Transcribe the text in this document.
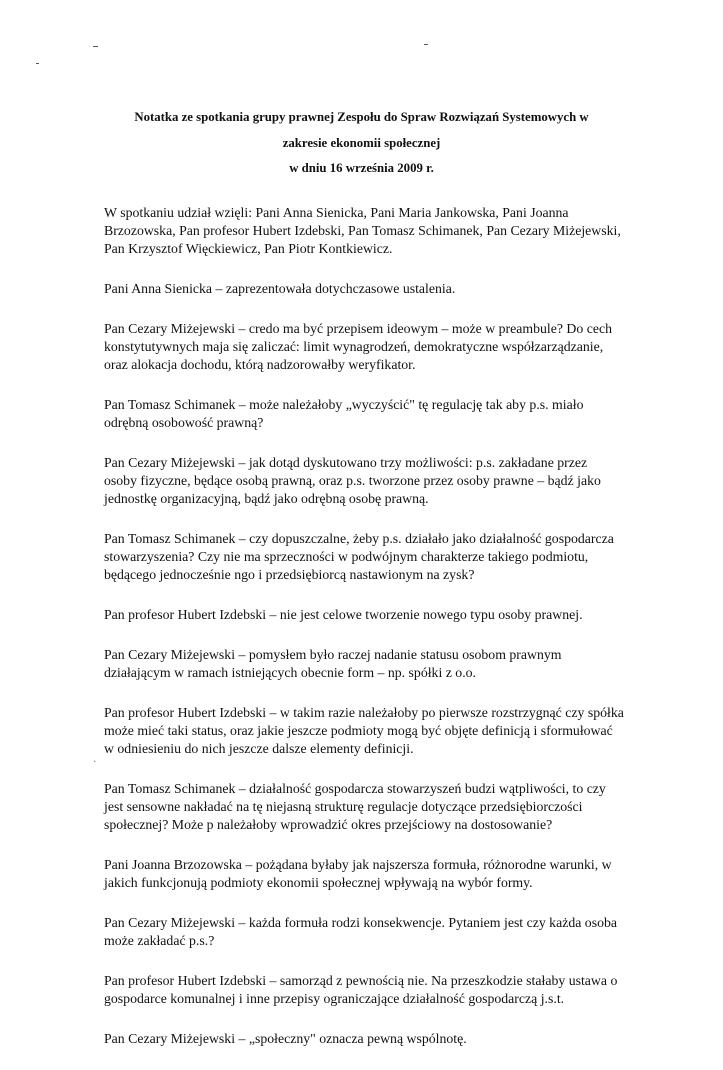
·
Notatka ze spotkania grupy prawnej Zespołu do Spraw Rozwiązań Systemowych w
zakresie ekonomii społecznej
w dniu 16 września 2009 r.

W spotkaniu udział wzięli: Pani Anna Sienicka, Pani Maria Jankowska, Pani Joanna
Brzozowska, Pan profesor Hubert Izdebski, Pan Tomasz Schimanek, Pan Cezary Miżejewski,
Pan Krzysztof Więckiewicz, Pan Piotr Kontkiewicz.

Pani Anna Sienicka – zaprezentowała dotychczasowe ustalenia.

Pan Cezary Miżejewski – credo ma być przepisem ideowym – może w preambule? Do cech
konstytutywnych maja się zaliczać: limit wynagrodzeń, demokratyczne współzarządzanie,
oraz alokacja dochodu, którą nadzorowałby weryfikator.

Pan Tomasz Schimanek – może należałoby „wyczyścić" tę regulację tak aby p.s. miało
odrębną osobowość prawną?

Pan Cezary Miżejewski – jak dotąd dyskutowano trzy możliwości: p.s. zakładane przez
osoby fizyczne, będące osobą prawną, oraz p.s. tworzone przez osoby prawne – bądź jako
jednostkę organizacyjną, bądź jako odrębną osobę prawną.

Pan Tomasz Schimanek – czy dopuszczalne, żeby p.s. działało jako działalność gospodarcza
stowarzyszenia? Czy nie ma sprzeczności w podwójnym charakterze takiego podmiotu,
będącego jednocześnie ngo i przedsiębiorcą nastawionym na zysk?

Pan profesor Hubert Izdebski – nie jest celowe tworzenie nowego typu osoby prawnej.

Pan Cezary Miżejewski – pomysłem było raczej nadanie statusu osobom prawnym
działającym w ramach istniejących obecnie form – np. spółki z o.o.

Pan profesor Hubert Izdebski – w takim razie należałoby po pierwsze rozstrzygnąć czy spółka
może mieć taki status, oraz jakie jeszcze podmioty mogą być objęte definicją i sformułować
w odniesieniu do nich jeszcze dalsze elementy definicji.

Pan Tomasz Schimanek – działalność gospodarcza stowarzyszeń budzi wątpliwości, to czy
jest sensowne nakładać na tę niejasną strukturę regulacje dotyczące przedsiębiorczości
społecznej? Może p należałoby wprowadzić okres przejściowy na dostosowanie?

Pani Joanna Brzozowska – pożądana byłaby jak najszersza formuła, różnorodne warunki, w
jakich funkcjonują podmioty ekonomii społecznej wpływają na wybór formy.

Pan Cezary Miżejewski – każda formuła rodzi konsekwencje. Pytaniem jest czy każda osoba
może zakładać p.s.?

Pan profesor Hubert Izdebski – samorząd z pewnością nie. Na przeszkodzie stałaby ustawa o
gospodarce komunalnej i inne przepisy ograniczające działalność gospodarczą j.s.t.

Pan Cezary Miżejewski – „społeczny" oznacza pewną wspólnotę.
